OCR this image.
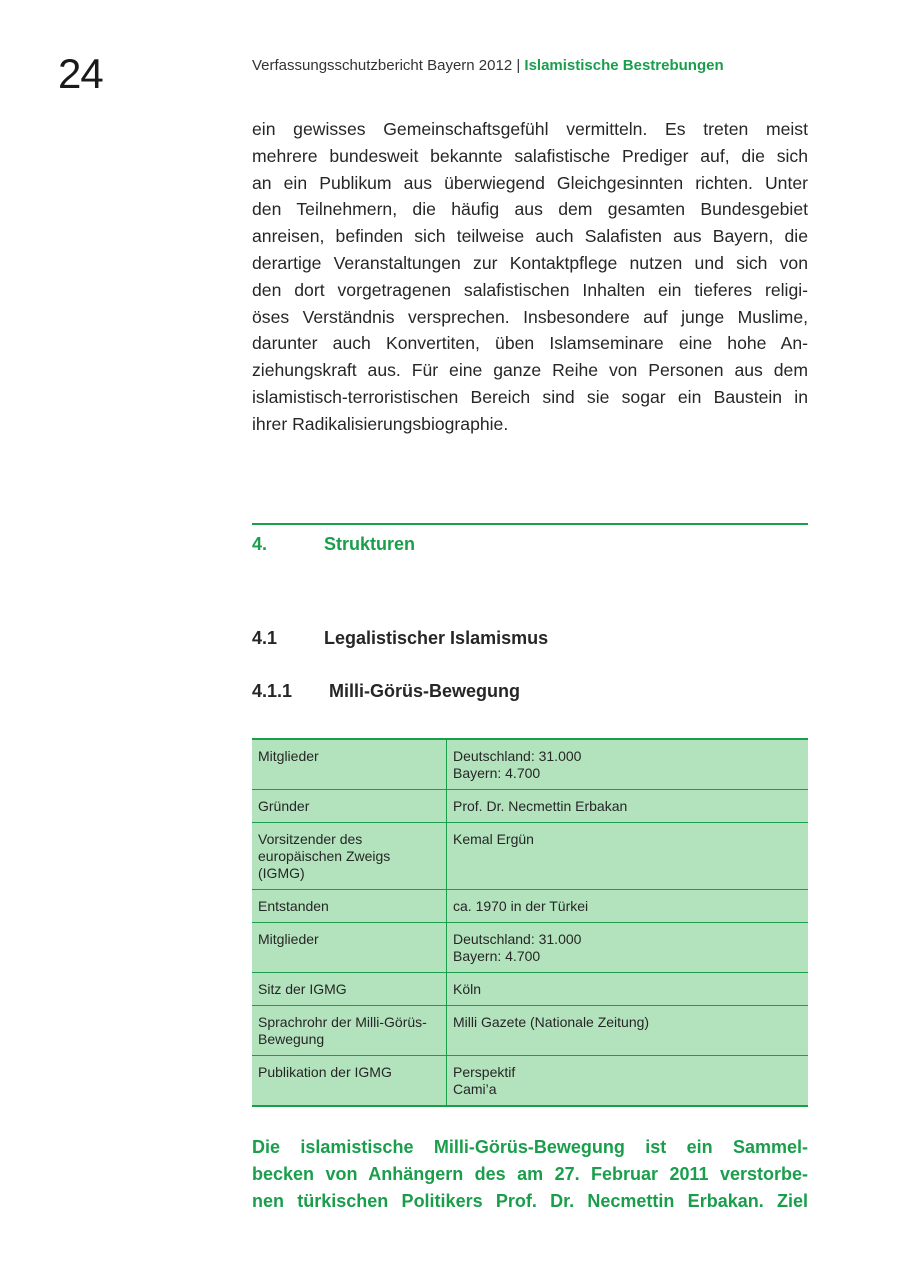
24	Verfassungsschutzbericht Bayern 2012 | Islamistische Bestrebungen
ein gewisses Gemeinschaftsgefühl vermitteln. Es treten meist
mehrere bundesweit bekannte salafistische Prediger auf, die sich
an ein Publikum aus überwiegend Gleichgesinnten richten. Unter
den Teilnehmern, die häufig aus dem gesamten Bundesgebiet
anreisen, befinden sich teilweise auch Salafisten aus Bayern, die
derartige Veranstaltungen zur Kontaktpflege nutzen und sich von
den dort vorgetragenen salafistischen Inhalten ein tieferes religi-
öses Verständnis versprechen. Insbesondere auf junge Muslime,
darunter auch Konvertiten, üben Islamseminare eine hohe An-
ziehungskraft aus. Für eine ganze Reihe von Personen aus dem
islamistisch-terroristischen Bereich sind sie sogar ein Baustein in
ihrer Radikalisierungsbiographie.
4.	Strukturen
4.1	Legalistischer Islamismus
4.1.1 Milli-Görüs-Bewegung
Mitglieder	Deutschland: 31.000
Bayern: 4.700

Gründer	Prof. Dr. Necmettin Erbakan

Vorsitzender des europäischen Zweigs (IGMG)	Kemal Ergün

Entstanden	ca. 1970 in der Türkei

Mitglieder	Deutschland: 31.000
Bayern: 4.700

Sitz der IGMG	Köln

Sprachrohr der Milli-Görüs-Bewegung	Milli Gazete (Nationale Zeitung)

Publikation der IGMG	Perspektif
Cami’a
Die islamistische Milli-Görüs-Bewegung ist ein Sammel-
becken von Anhängern des am 27. Februar 2011 verstorbe-
nen türkischen Politikers Prof. Dr. Necmettin Erbakan. Ziel
